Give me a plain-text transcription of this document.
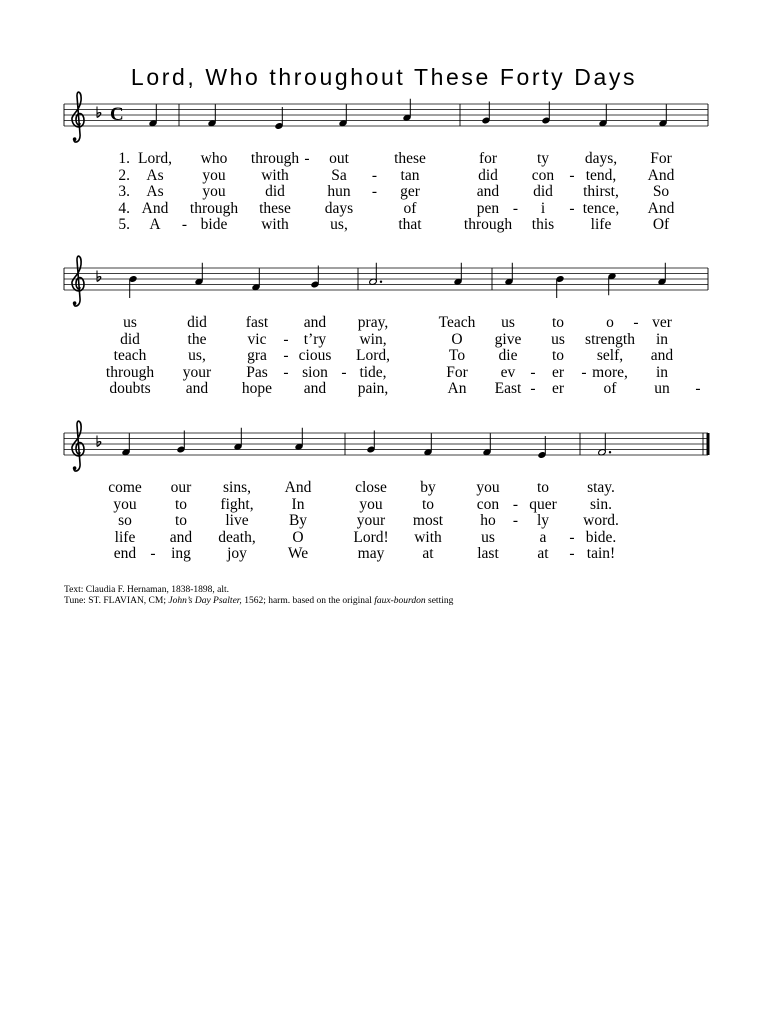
Lord, Who throughout These Forty Days
C
1. Lord, who through out	these	for	ty days, For
-
2. As	you with	Sa	tan	did con tend, And
-	-
3. As	you	did	hun	ger	and did thirst, So
-
4. And through these days	of	pen	i tence, And
-	-
5. A	bide with	us,	that	through this life	Of
-
us	did	fast and pray,	Teach us to	o ver
-
did	the	vic t’ry win,	O give us strength in
-
teach	us,	gra cious Lord,	To die to self, and
-
through your Pas sion tide,	For ev er more, in
-	-	-	-
doubts and hope and pain,	An East er	of un
-	-
come our sins, And	close by	you to stay.
you to fight, In	you	to	con quer sin.
-
so	to live	By	your most ho	ly word.
-
life and death, O	Lord! with	us	a	bide.
-
end ing joy	We	may at	last at tain!
-	-
Text: Claudia F. Hernaman, 1838-1898, alt.
Tune: ST. FLAVIAN, CM; John’s Day Psalter, 1562; harm. based on the original faux-bourdon setting
